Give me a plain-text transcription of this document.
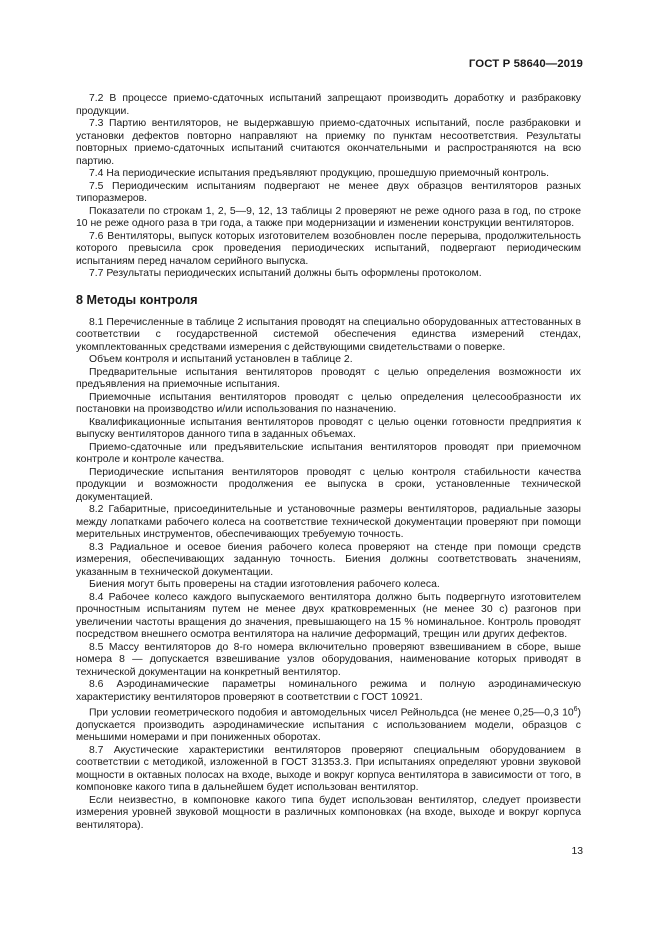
ГОСТ Р 58640—2019

7.2 В процессе приемо-сдаточных испытаний запрещают производить доработку и разбраковку продукции.

7.3 Партию вентиляторов, не выдержавшую приемо-сдаточных испытаний, после разбраковки и установки дефектов повторно направляют на приемку по пунктам несоответствия. Результаты повторных приемо-сдаточных испытаний считаются окончательными и распространяются на всю партию.

7.4 На периодические испытания предъявляют продукцию, прошедшую приемочный контроль.

7.5 Периодическим испытаниям подвергают не менее двух образцов вентиляторов разных типоразмеров.

Показатели по строкам 1, 2, 5—9, 12, 13 таблицы 2 проверяют не реже одного раза в год, по строке 10 не реже одного раза в три года, а также при модернизации и изменении конструкции вентиляторов.

7.6 Вентиляторы, выпуск которых изготовителем возобновлен после перерыва, продолжительность которого превысила срок проведения периодических испытаний, подвергают периодическим испытаниям перед началом серийного выпуска.

7.7 Результаты периодических испытаний должны быть оформлены протоколом.

8 Методы контроля

8.1 Перечисленные в таблице 2 испытания проводят на специально оборудованных аттестованных в соответствии с государственной системой обеспечения единства измерений стендах, укомплектованных средствами измерения с действующими свидетельствами о поверке.

Объем контроля и испытаний установлен в таблице 2.

Предварительные испытания вентиляторов проводят с целью определения возможности их предъявления на приемочные испытания.

Приемочные испытания вентиляторов проводят с целью определения целесообразности их постановки на производство и/или использования по назначению.

Квалификационные испытания вентиляторов проводят с целью оценки готовности предприятия к выпуску вентиляторов данного типа в заданных объемах.

Приемо-сдаточные или предъявительские испытания вентиляторов проводят при приемочном контроле и контроле качества.

Периодические испытания вентиляторов проводят с целью контроля стабильности качества продукции и возможности продолжения ее выпуска в сроки, установленные технической документацией.

8.2 Габаритные, присоединительные и установочные размеры вентиляторов, радиальные зазоры между лопатками рабочего колеса на соответствие технической документации проверяют при помощи мерительных инструментов, обеспечивающих требуемую точность.

8.3 Радиальное и осевое биения рабочего колеса проверяют на стенде при помощи средств измерения, обеспечивающих заданную точность. Биения должны соответствовать значениям, указанным в технической документации.

Биения могут быть проверены на стадии изготовления рабочего колеса.

8.4 Рабочее колесо каждого выпускаемого вентилятора должно быть подвергнуто изготовителем прочностным испытаниям путем не менее двух кратковременных (не менее 30 с) разгонов при увеличении частоты вращения до значения, превышающего на 15 % номинальное. Контроль проводят посредством внешнего осмотра вентилятора на наличие деформаций, трещин или других дефектов.

8.5 Массу вентиляторов до 8-го номера включительно проверяют взвешиванием в сборе, выше номера 8 — допускается взвешивание узлов оборудования, наименование которых приводят в технической документации на конкретный вентилятор.

8.6 Аэродинамические параметры номинального режима и полную аэродинамическую характеристику вентиляторов проверяют в соответствии с ГОСТ 10921.

При условии геометрического подобия и автомодельных чисел Рейнольдса (не менее 0,25—0,3 $10^6$) допускается производить аэродинамические испытания с использованием модели, образцов с меньшими номерами и при пониженных оборотах.

8.7 Акустические характеристики вентиляторов проверяют специальным оборудованием в соответствии с методикой, изложенной в ГОСТ 31353.3. При испытаниях определяют уровни звуковой мощности в октавных полосах на входе, выходе и вокруг корпуса вентилятора в зависимости от того, в компоновке какого типа в дальнейшем будет использован вентилятор.

Если неизвестно, в компоновке какого типа будет использован вентилятор, следует произвести измерения уровней звуковой мощности в различных компоновках (на входе, выходе и вокруг корпуса вентилятора).

13
